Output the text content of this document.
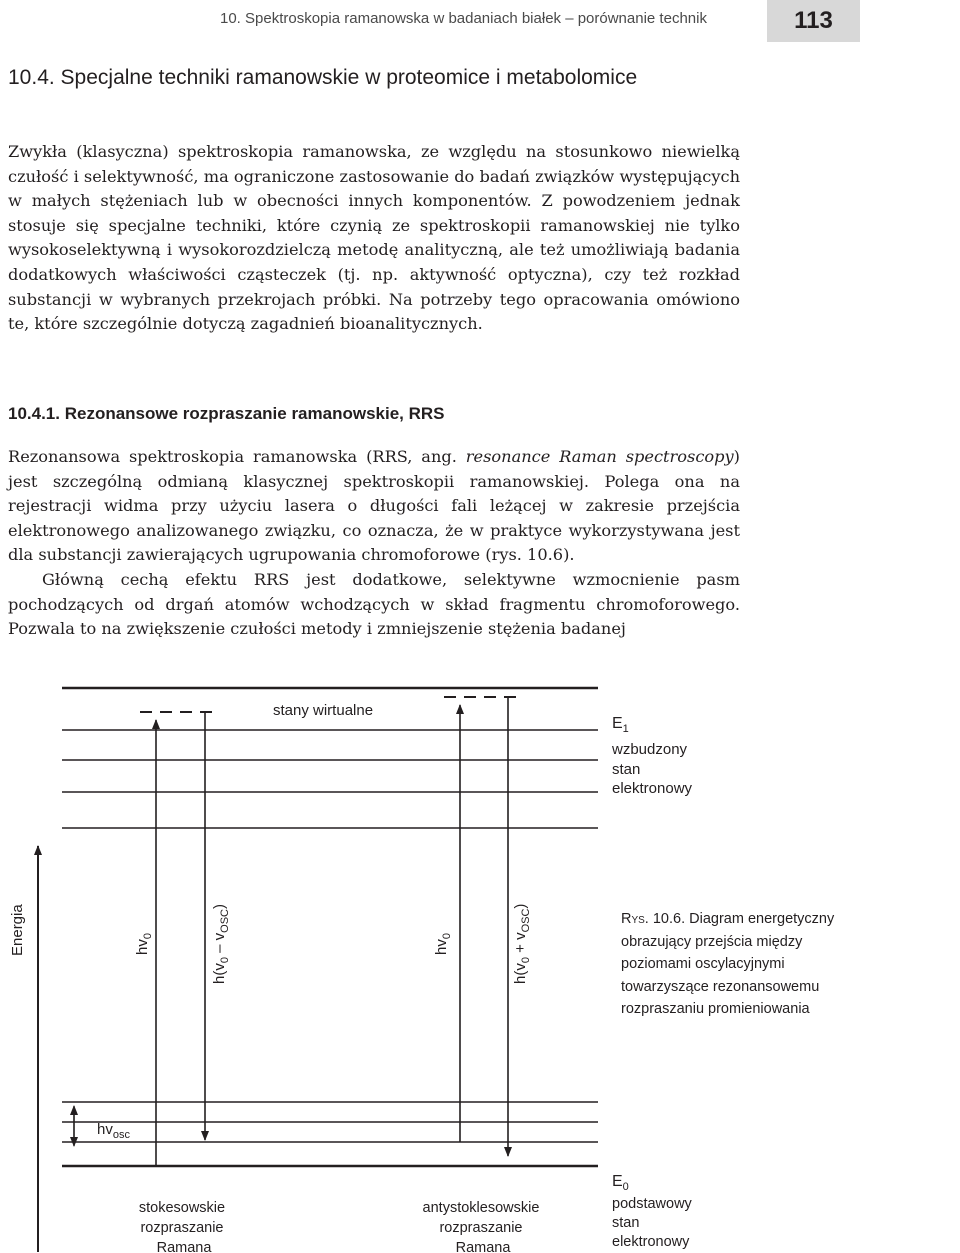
10. Spektroskopia ramanowska w badaniach białek – porównanie technik	113
10.4. Specjalne techniki ramanowskie w proteomice i metabolomice

Zwykła (klasyczna) spektroskopia ramanowska, ze względu na stosunkowo niewielką czułość i selektywność, ma ograniczone zastosowanie do badań związków występujących w małych stężeniach lub w obecności innych komponentów. Z powodzeniem jednak stosuje się specjalne techniki, które czynią ze spektroskopii ramanowskiej nie tylko wysokoselektywną i wysokorozdzielczą metodę analityczną, ale też umożliwiają badania dodatkowych właściwości cząsteczek (tj. np. aktywność optyczna), czy też rozkład substancji w wybranych przekrojach próbki. Na potrzeby tego opracowania omówiono te, które szczególnie dotyczą zagadnień bioanalitycznych.

10.4.1. Rezonansowe rozpraszanie ramanowskie, RRS

Rezonansowa spektroskopia ramanowska (RRS, ang. resonance Raman spectroscopy) jest szczególną odmianą klasycznej spektroskopii ramanowskiej. Polega ona na rejestracji widma przy użyciu lasera o długości fali leżącej w zakresie przejścia elektronowego analizowanego związku, co oznacza, że w praktyce wykorzystywana jest dla substancji zawierających ugrupowania chromoforowe (rys. 10.6).

Główną cechą efektu RRS jest dodatkowe, selektywne wzmocnienie pasm pochodzących od drgań atomów wchodzących w skład fragmentu chromoforowego. Pozwala to na zwiększenie czułości metody i zmniejszenie stężenia badanej

Energia	$hv_0$
$h(v_0 - v_{OSC})$
$hv_{osc}$
$hv_0$
$h(v_0 + v_{OSC})$
stany wirtualne
$E_1$
wzbudzony stan elektronowy
stokesowskie rozpraszanie Ramana
antystoklesowskie rozpraszanie Ramana
$E_0$
podstawowy stan elektronowy
Rys. 10.6. Diagram energetyczny obrazujący przejścia między poziomami oscylacyjnymi towarzyszące rezonansowemu rozpraszaniu promieniowania
